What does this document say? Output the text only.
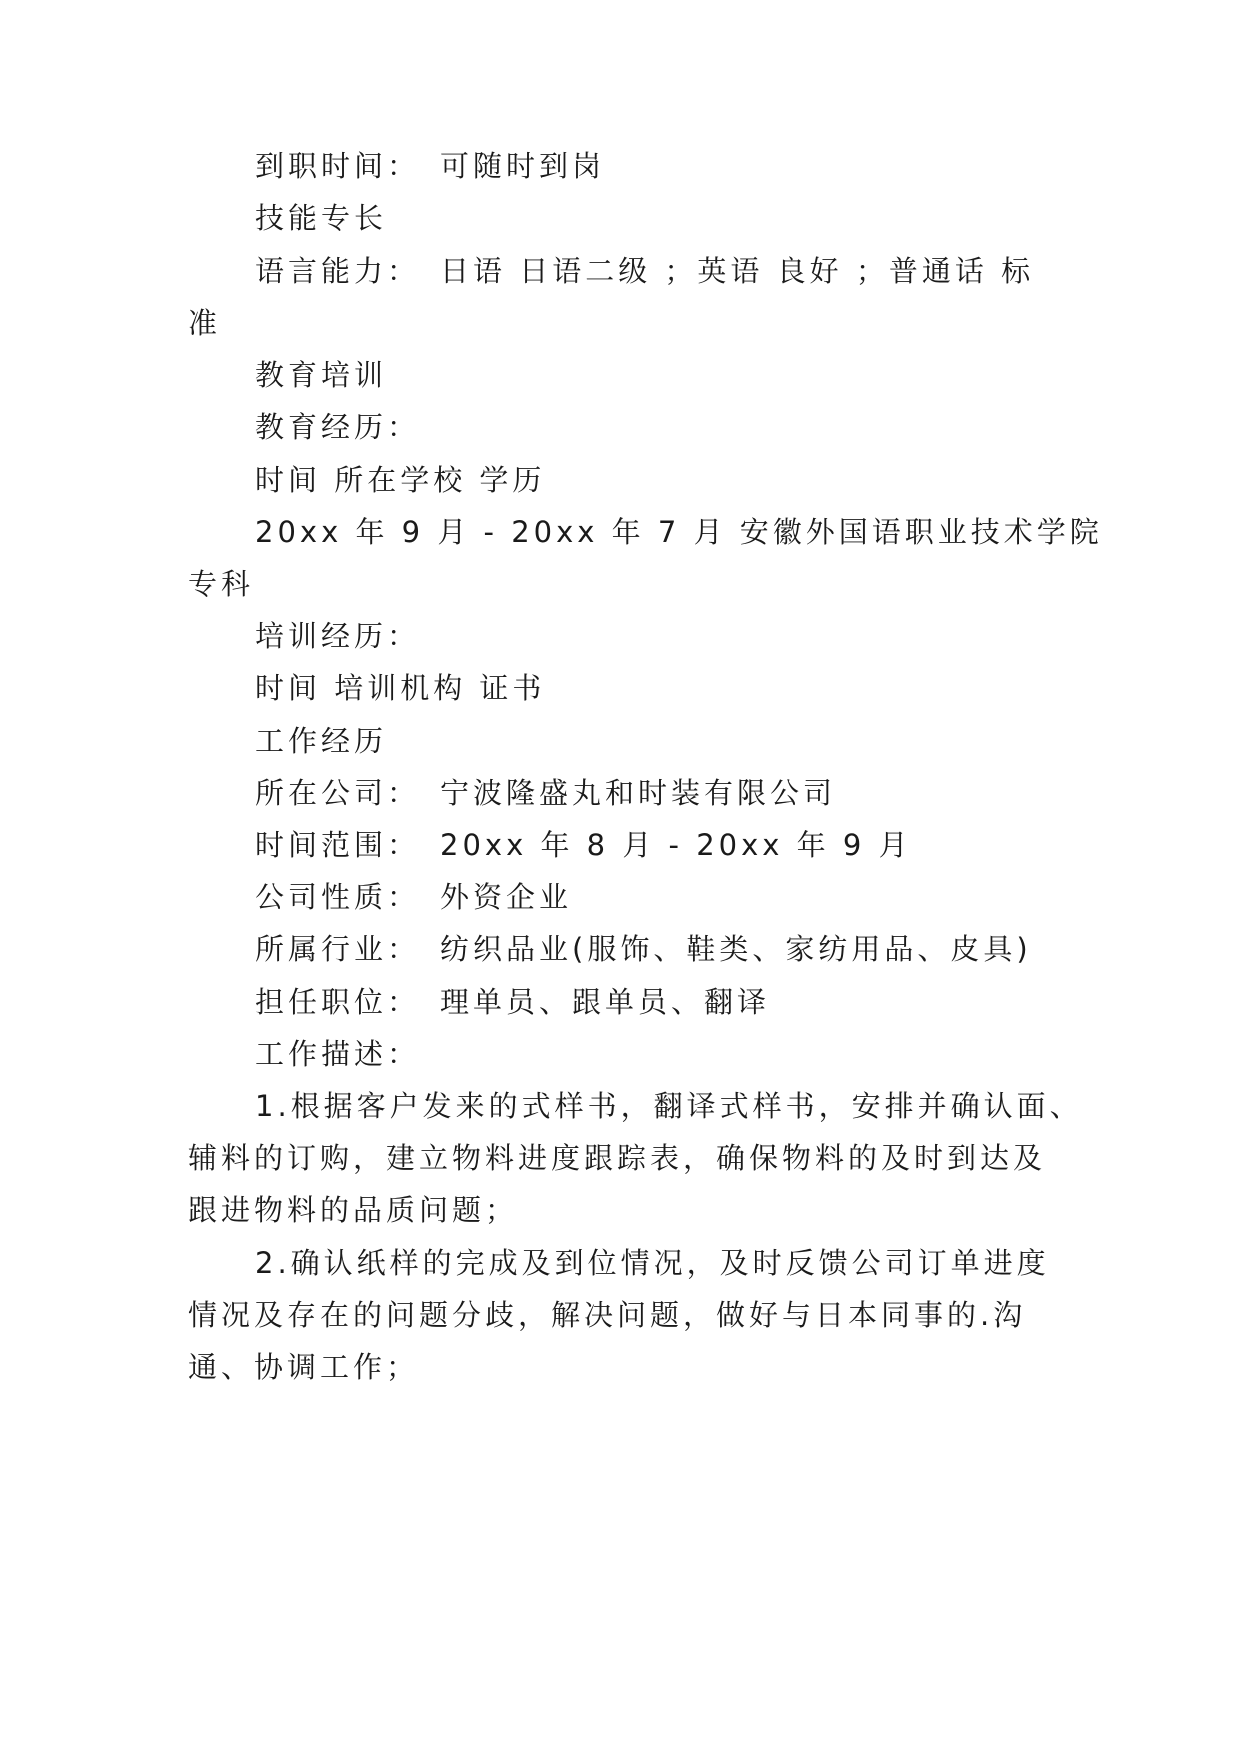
到职时间： 可随时到岗
技能专长
语言能力： 日语 日语二级 ；英语 良好 ；普通话 标
准
教育培训
教育经历：
时间 所在学校 学历
20xx 年 9 月 - 20xx 年 7 月 安徽外国语职业技术学院
专科
培训经历：
时间 培训机构 证书
工作经历
所在公司： 宁波隆盛丸和时装有限公司
时间范围： 20xx 年 8 月 - 20xx 年 9 月
公司性质： 外资企业
所属行业： 纺织品业(服饰、鞋类、家纺用品、皮具)
担任职位： 理单员、跟单员、翻译
工作描述：
1.根据客户发来的式样书，翻译式样书，安排并确认面、
辅料的订购，建立物料进度跟踪表，确保物料的及时到达及
跟进物料的品质问题；
2.确认纸样的完成及到位情况，及时反馈公司订单进度
情况及存在的问题分歧，解决问题，做好与日本同事的.沟
通、协调工作；
